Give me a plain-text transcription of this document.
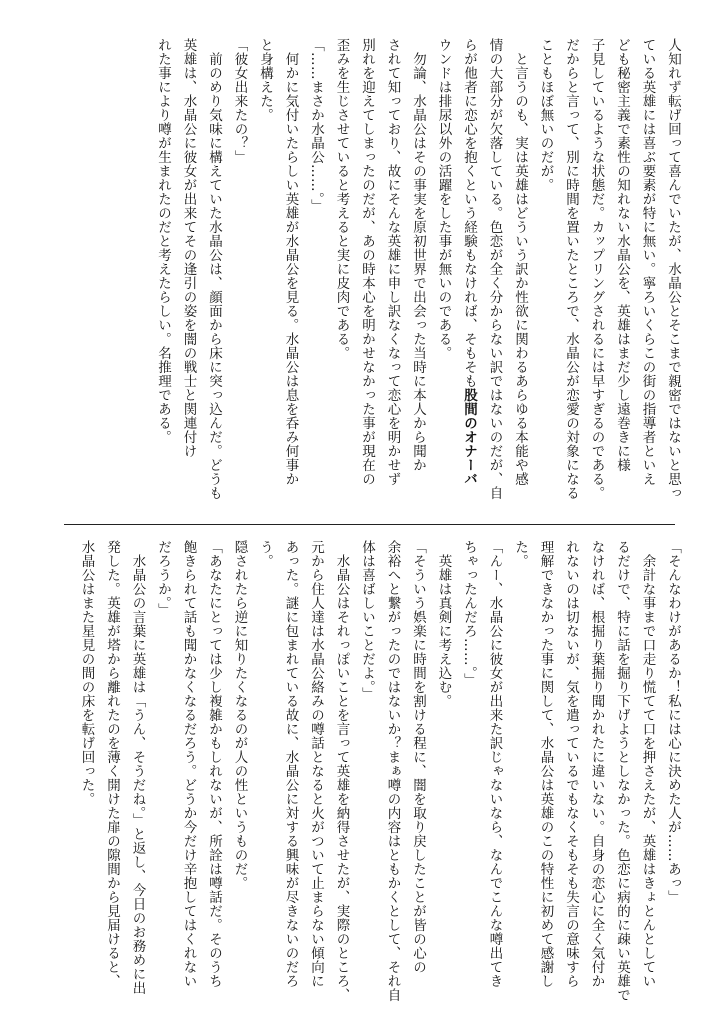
人知れず転げ回って喜んでいたが、水晶公とそこまで親密ではないと思っ
ている英雄には喜ぶ要素が特に無い。寧ろいくらこの街の指導者といえ
ども秘密主義で素性の知れない水晶公を、英雄はまだ少し遠巻きに様
子見しているような状態だ。カップリングされるには早すぎるのである。
だからと言って、別に時間を置いたところで、水晶公が恋愛の対象になる
こともほぼ無いのだが。
　と言うのも、実は英雄はどういう訳か性欲に関わるあらゆる本能や感
情の大部分が欠落している。色恋が全く分からない訳ではないのだが、自
らが他者に恋心を抱くという経験もなければ、そもそも股間のオナーバ
ウンドは排尿以外の活躍をした事が無いのである。
　勿論、水晶公はその事実を原初世界で出会った当時に本人から聞か
されて知っており、故にそんな英雄に申し訳なくなって恋心を明かせず
別れを迎えてしまったのだが、あの時本心を明かせなかった事が現在の
歪みを生じさせていると考えると実に皮肉である。
「……まさか水晶公……。」
　何かに気付いたらしい英雄が水晶公を見る。水晶公は息を呑み何事か
と身構えた。
「彼女出来たの？」
　前のめり気味に構えていた水晶公は、顔面から床に突っ込んだ。どうも
英雄は、水晶公に彼女が出来てその逢引の姿を闇の戦士と関連付け
れた事により噂が生まれたのだと考えたらしい。名推理である。
「そんなわけがあるか！私には心に決めた人が……あっ」
　余計な事まで口走り慌てて口を押さえたが、英雄はきょとんとしてい
るだけで、特に話を掘り下げようとしなかった。色恋に病的に疎い英雄で
なければ、根掘り葉掘り聞かれたに違いない。自身の恋心に全く気付か
れないのは切ないが、気を遣っているでもなくそもそも失言の意味すら
理解できなかった事に関して、水晶公は英雄のこの特性に初めて感謝し
た。
「んー、水晶公に彼女が出来た訳じゃないなら、なんでこんな噂出てき
ちゃったんだろ……。」
　英雄は真剣に考え込む。
「そういう娯楽に時間を割ける程に、闇を取り戻したことが皆の心の
余裕へと繋がったのではないか？まぁ噂の内容はともかくとして、それ自
体は喜ばしいことだよ。」
　水晶公はそれっぽいことを言って英雄を納得させたが、実際のところ、
元から住人達は水晶公絡みの噂話となると火がついて止まらない傾向に
あった。謎に包まれている故に、水晶公に対する興味が尽きないのだろう。
隠されたら逆に知りたくなるのが人の性というものだ。
「あなたにとっては少し複雑かもしれないが、所詮は噂話だ。そのうち
飽きられて話も聞かなくなるだろう。どうか今だけ辛抱してはくれない
だろうか。」
　水晶公の言葉に英雄は「うん、そうだね。」と返し、今日のお務めに出
発した。英雄が塔から離れたのを薄く開けた扉の隙間から見届けると、
水晶公はまた星見の間の床を転げ回った。
